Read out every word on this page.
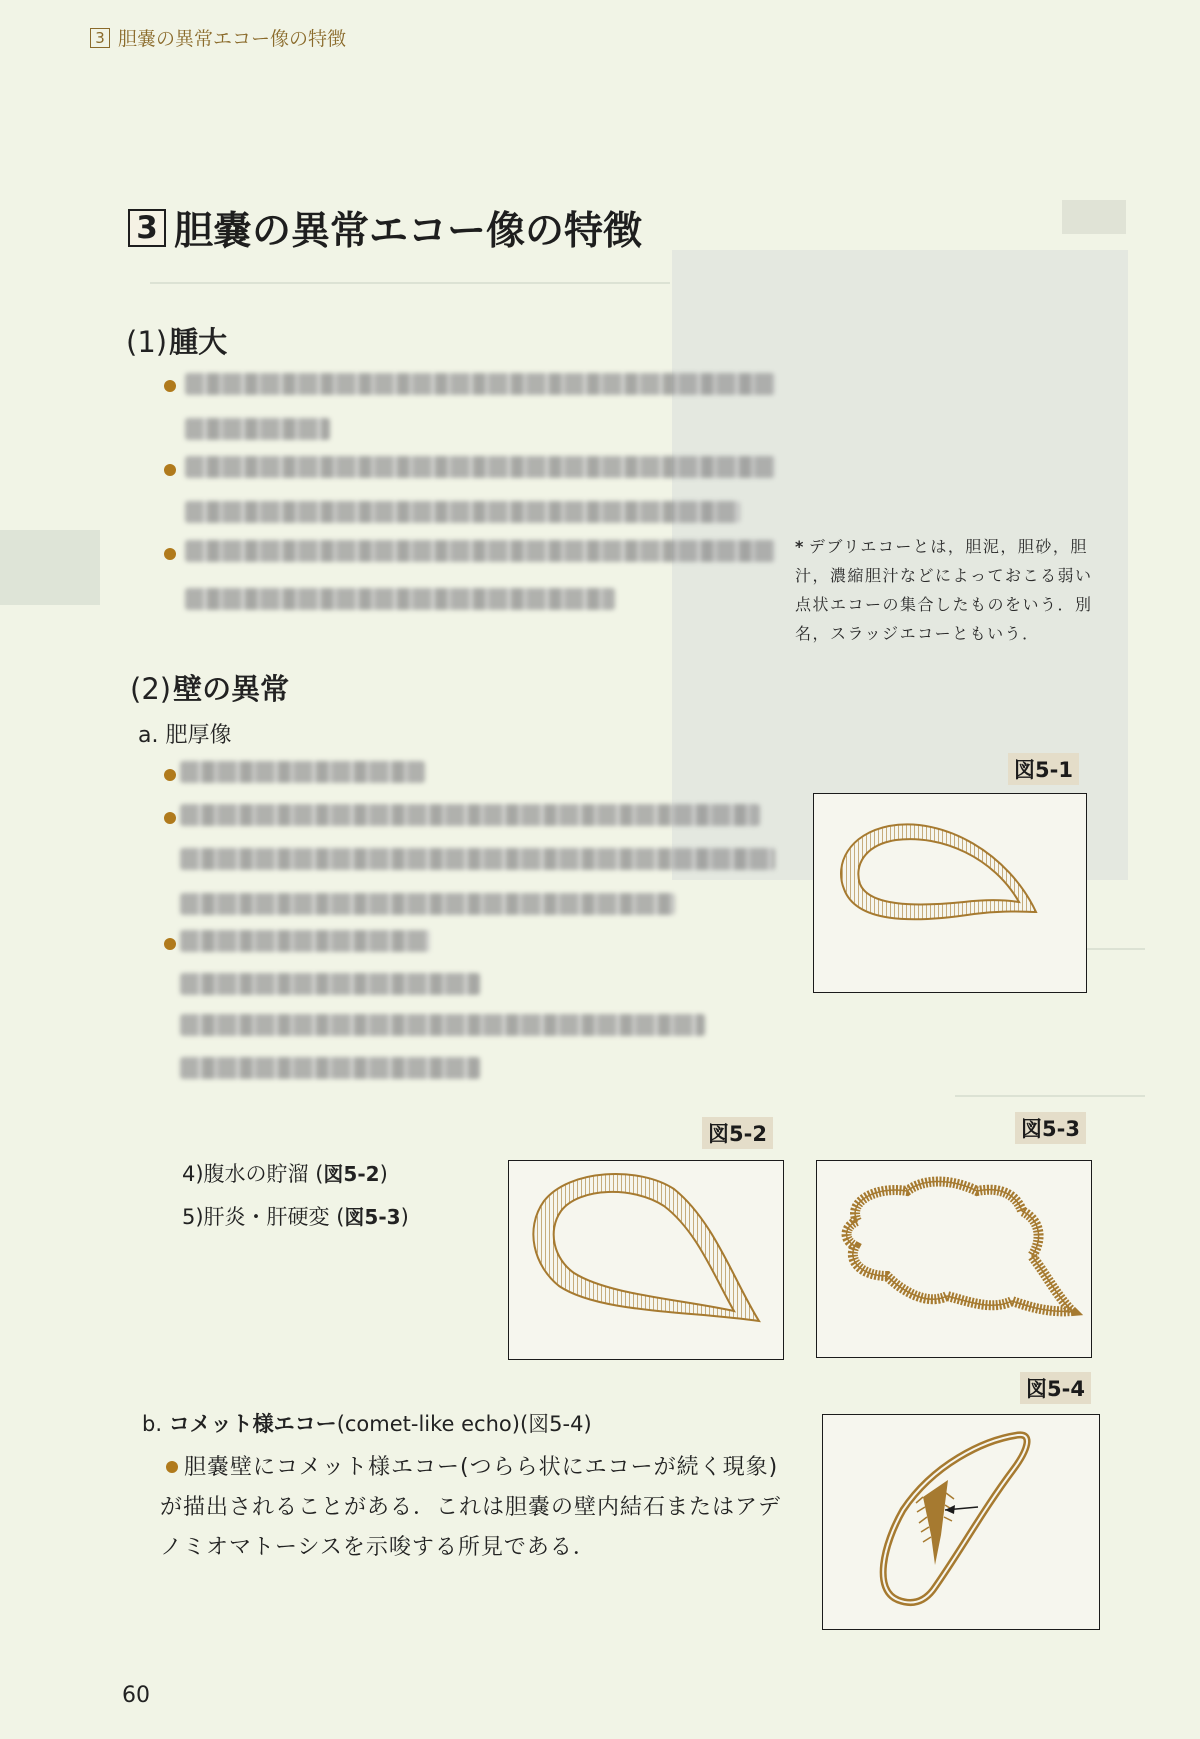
3 胆嚢の異常エコー像の特徴
3 胆嚢の異常エコー像の特徴
(1) 腫大
* デブリエコーとは，胆泥，胆砂，胆汁，濃縮胆汁などによっておこる弱い点状エコーの集合したものをいう．別名，スラッジエコーともいう．
(2) 壁の異常
a. 肥厚像
図5-1
4)腹水の貯溜 (図5-2)
5)肝炎・肝硬変 (図5-3)
図5-2	図5-3
図5-4
b. コメット様エコー(comet-like echo)(図5-4)
胆嚢壁にコメット様エコー(つらら状にエコーが続く現象)が描出されることがある．これは胆嚢の壁内結石またはアデノミオマトーシスを示唆する所見である．
60
